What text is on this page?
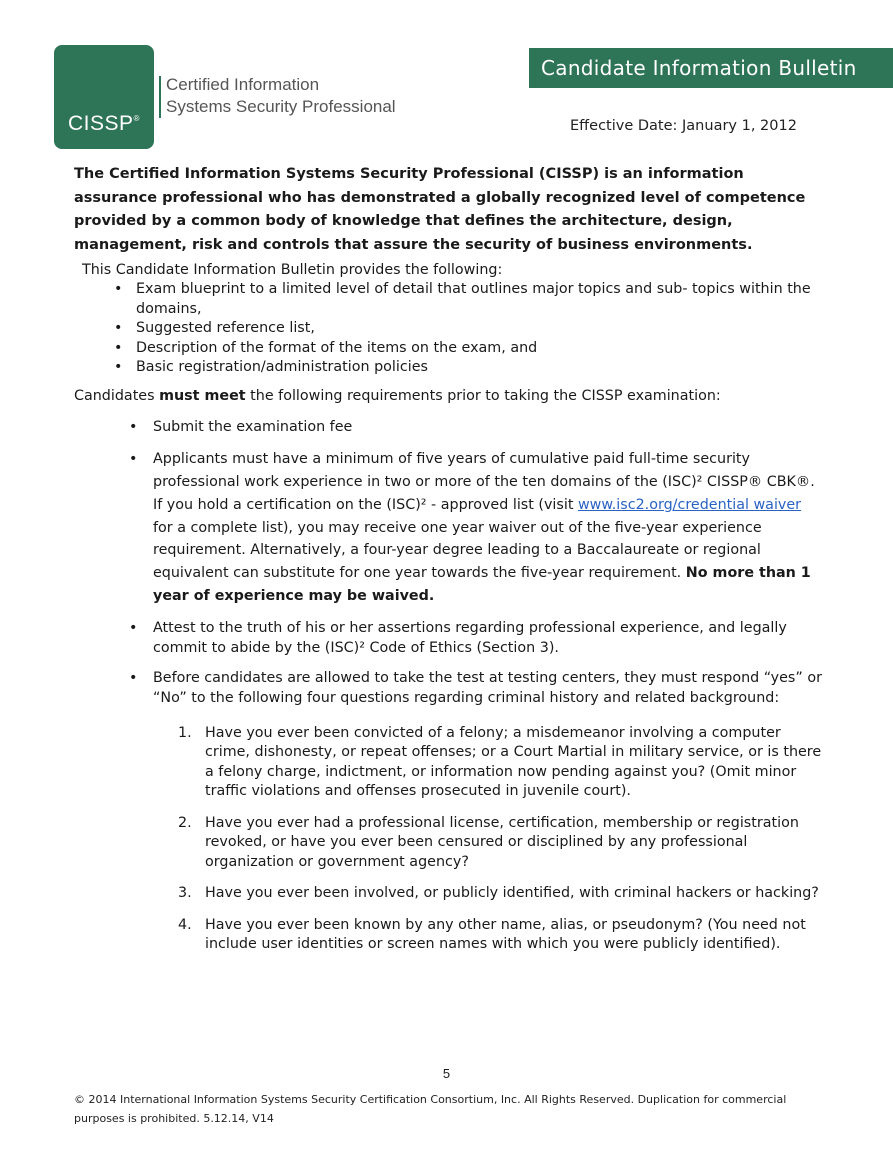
CISSP®
Certified Information
Systems Security Professional
Candidate Information Bulletin
Effective Date: January 1, 2012

The Certified Information Systems Security Professional (CISSP) is an information assurance professional who has demonstrated a globally recognized level of competence provided by a common body of knowledge that defines the architecture, design, management, risk and controls that assure the security of business environments.

This Candidate Information Bulletin provides the following:
• Exam blueprint to a limited level of detail that outlines major topics and sub- topics within the domains,
• Suggested reference list,
• Description of the format of the items on the exam, and
• Basic registration/administration policies

Candidates must meet the following requirements prior to taking the CISSP examination:

• Submit the examination fee
• Applicants must have a minimum of five years of cumulative paid full-time security professional work experience in two or more of the ten domains of the (ISC)² CISSP® CBK®. If you hold a certification on the (ISC)² - approved list (visit www.isc2.org/credential waiver for a complete list), you may receive one year waiver out of the five-year experience requirement. Alternatively, a four-year degree leading to a Baccalaureate or regional equivalent can substitute for one year towards the five-year requirement. No more than 1 year of experience may be waived.
• Attest to the truth of his or her assertions regarding professional experience, and legally commit to abide by the (ISC)² Code of Ethics (Section 3).
• Before candidates are allowed to take the test at testing centers, they must respond “yes” or “No” to the following four questions regarding criminal history and related background:
1. Have you ever been convicted of a felony; a misdemeanor involving a computer crime, dishonesty, or repeat offenses; or a Court Martial in military service, or is there a felony charge, indictment, or information now pending against you? (Omit minor traffic violations and offenses prosecuted in juvenile court).
2. Have you ever had a professional license, certification, membership or registration revoked, or have you ever been censured or disciplined by any professional organization or government agency?
3. Have you ever been involved, or publicly identified, with criminal hackers or hacking?
4. Have you ever been known by any other name, alias, or pseudonym? (You need not include user identities or screen names with which you were publicly identified).
5
© 2014 International Information Systems Security Certification Consortium, Inc. All Rights Reserved. Duplication for commercial purposes is prohibited. 5.12.14, V14
